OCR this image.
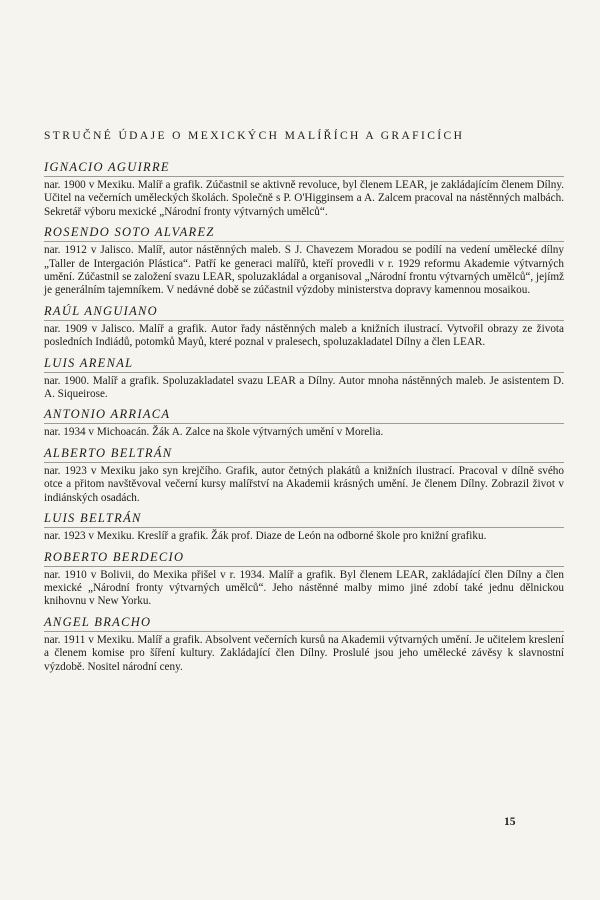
STRUČNÉ ÚDAJE O MEXICKÝCH MALÍŘÍCH A GRAFICÍCH
IGNACIO AGUIRRE
nar. 1900 v Mexiku. Malíř a grafik. Zúčastnil se aktivně revoluce, byl členem LEAR, je zakládajícím členem Dílny. Učitel na večerních uměleckých školách. Společně s P. O'Higginsem a A. Zalcem pracoval na nástěnných malbách. Sekretář výboru mexické „Národní fronty výtvarných umělců“.
ROSENDO SOTO ALVAREZ
nar. 1912 v Jalisco. Malíř, autor nástěnných maleb. S J. Chavezem Moradou se podílí na vedení umělecké dílny „Taller de Intergación Plástica“. Patří ke generaci malířů, kteří provedli v r. 1929 reformu Akademie výtvarných umění. Zúčastnil se založení svazu LEAR, spoluzakládal a organisoval „Národní frontu výtvarných umělců“, jejímž je generálním tajemníkem. V nedávné době se zúčastnil výzdoby ministerstva dopravy kamennou mosaikou.
RAÚL ANGUIANO
nar. 1909 v Jalisco. Malíř a grafik. Autor řady nástěnných maleb a knižních ilustrací. Vytvořil obrazy ze života posledních Indiádů, potomků Mayů, které poznal v pralesech, spoluzakladatel Dílny a člen LEAR.
LUIS ARENAL
nar. 1900. Malíř a grafik. Spoluzakladatel svazu LEAR a Dílny. Autor mnoha nástěnných maleb. Je asistentem D. A. Siqueirose.
ANTONIO ARRIACA
nar. 1934 v Michoacán. Žák A. Zalce na škole výtvarných umění v Morelia.
ALBERTO BELTRÁN
nar. 1923 v Mexiku jako syn krejčího. Grafik, autor četných plakátů a knižních ilustrací. Pracoval v dílně svého otce a přitom navštěvoval večerní kursy malířství na Akademii krásných umění. Je členem Dílny. Zobrazil život v indiánských osadách.
LUIS BELTRÁN
nar. 1923 v Mexiku. Kreslíř a grafik. Žák prof. Diaze de León na odborné škole pro knižní grafiku.
ROBERTO BERDECIO
nar. 1910 v Bolivii, do Mexika přišel v r. 1934. Malíř a grafik. Byl členem LEAR, zakládající člen Dílny a člen mexické „Národní fronty výtvarných umělců“. Jeho nástěnné malby mimo jiné zdobí také jednu dělnickou knihovnu v New Yorku.
ANGEL BRACHO
nar. 1911 v Mexiku. Malíř a grafik. Absolvent večerních kursů na Akademii výtvarných umění. Je učitelem kreslení a členem komise pro šíření kultury. Zakládající člen Dílny. Proslulé jsou jeho umělecké závěsy k slavnostní výzdobě. Nositel národní ceny.
15
